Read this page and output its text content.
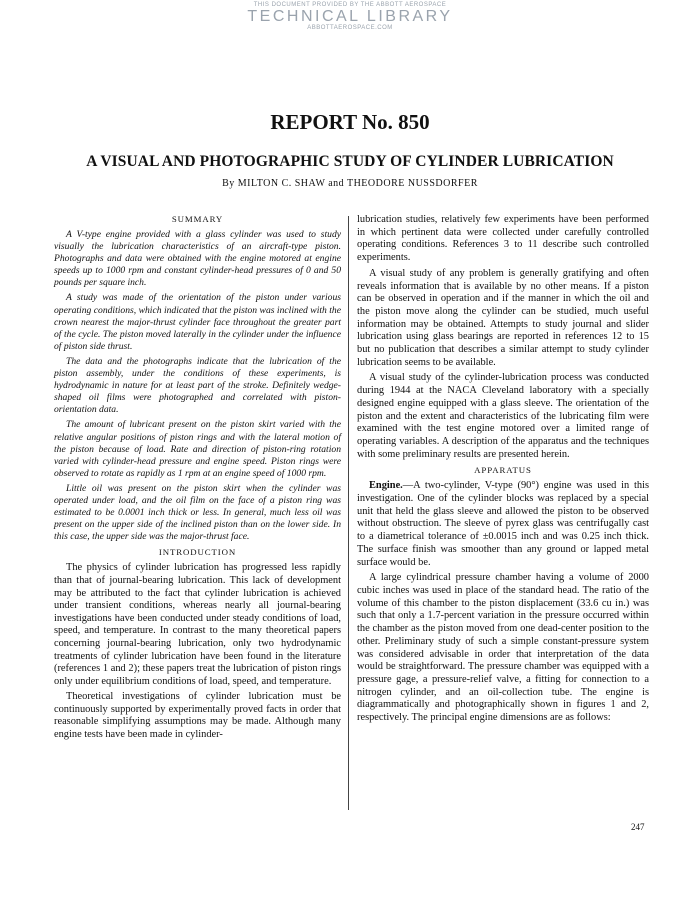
THIS DOCUMENT PROVIDED BY THE ABBOTT AEROSPACE
TECHNICAL LIBRARY
ABBOTTAEROSPACE.COM
REPORT No. 850
A VISUAL AND PHOTOGRAPHIC STUDY OF CYLINDER LUBRICATION
By MILTON C. SHAW and THEODORE NUSSDORFER
SUMMARY

A V-type engine provided with a glass cylinder was used to study visually the lubrication characteristics of an aircraft-type piston. Photographs and data were obtained with the engine motored at engine speeds up to 1000 rpm and constant cylinder-head pressures of 0 and 50 pounds per square inch.

A study was made of the orientation of the piston under various operating conditions, which indicated that the piston was inclined with the crown nearest the major-thrust cylinder face throughout the greater part of the cycle. The piston moved laterally in the cylinder under the influence of piston side thrust.

The data and the photographs indicate that the lubrication of the piston assembly, under the conditions of these experiments, is hydrodynamic in nature for at least part of the stroke. Definitely wedge-shaped oil films were photographed and correlated with piston-orientation data.

The amount of lubricant present on the piston skirt varied with the relative angular positions of piston rings and with the lateral motion of the piston because of load. Rate and direction of piston-ring rotation varied with cylinder-head pressure and engine speed. Piston rings were observed to rotate as rapidly as 1 rpm at an engine speed of 1000 rpm.

Little oil was present on the piston skirt when the cylinder was operated under load, and the oil film on the face of a piston ring was estimated to be 0.0001 inch thick or less. In general, much less oil was present on the upper side of the inclined piston than on the lower side. In this case, the upper side was the major-thrust face.

INTRODUCTION

The physics of cylinder lubrication has progressed less rapidly than that of journal-bearing lubrication. This lack of development may be attributed to the fact that cylinder lubrication is achieved under transient conditions, whereas nearly all journal-bearing investigations have been conducted under steady conditions of load, speed, and temperature. In contrast to the many theoretical papers concerning journal-bearing lubrication, only two hydrodynamic treatments of cylinder lubrication have been found in the literature (references 1 and 2); these papers treat the lubrication of piston rings only under equilibrium conditions of load, speed, and temperature.

Theoretical investigations of cylinder lubrication must be continuously supported by experimentally proved facts in order that reasonable simplifying assumptions may be made. Although many engine tests have been made in cylinder-

lubrication studies, relatively few experiments have been performed in which pertinent data were collected under carefully controlled operating conditions. References 3 to 11 describe such controlled experiments.

A visual study of any problem is generally gratifying and often reveals information that is available by no other means. If a piston can be observed in operation and if the manner in which the oil and the piston move along the cylinder can be studied, much useful information may be obtained. Attempts to study journal and slider lubrication using glass bearings are reported in references 12 to 15 but no publication that describes a similar attempt to study cylinder lubrication seems to be available.

A visual study of the cylinder-lubrication process was conducted during 1944 at the NACA Cleveland laboratory with a specially designed engine equipped with a glass sleeve. The orientation of the piston and the extent and characteristics of the lubricating film were examined with the test engine motored over a limited range of operating variables. A description of the apparatus and the techniques with some preliminary results are presented herein.

APPARATUS

Engine.—A two-cylinder, V-type (90°) engine was used in this investigation. One of the cylinder blocks was replaced by a special unit that held the glass sleeve and allowed the piston to be observed without obstruction. The sleeve of pyrex glass was centrifugally cast to a diametrical tolerance of ±0.0015 inch and was 0.25 inch thick. The surface finish was smoother than any ground or lapped metal surface would be.

A large cylindrical pressure chamber having a volume of 2000 cubic inches was used in place of the standard head. The ratio of the volume of this chamber to the piston displacement (33.6 cu in.) was such that only a 1.7-percent variation in the pressure occurred within the chamber as the piston moved from one dead-center position to the other. Preliminary study of such a simple constant-pressure system was considered advisable in order that interpretation of the data would be straightforward. The pressure chamber was equipped with a pressure gage, a pressure-relief valve, a fitting for connection to a nitrogen cylinder, and an oil-collection tube. The engine is diagrammatically and photographically shown in figures 1 and 2, respectively. The principal engine dimensions are as follows:

247
